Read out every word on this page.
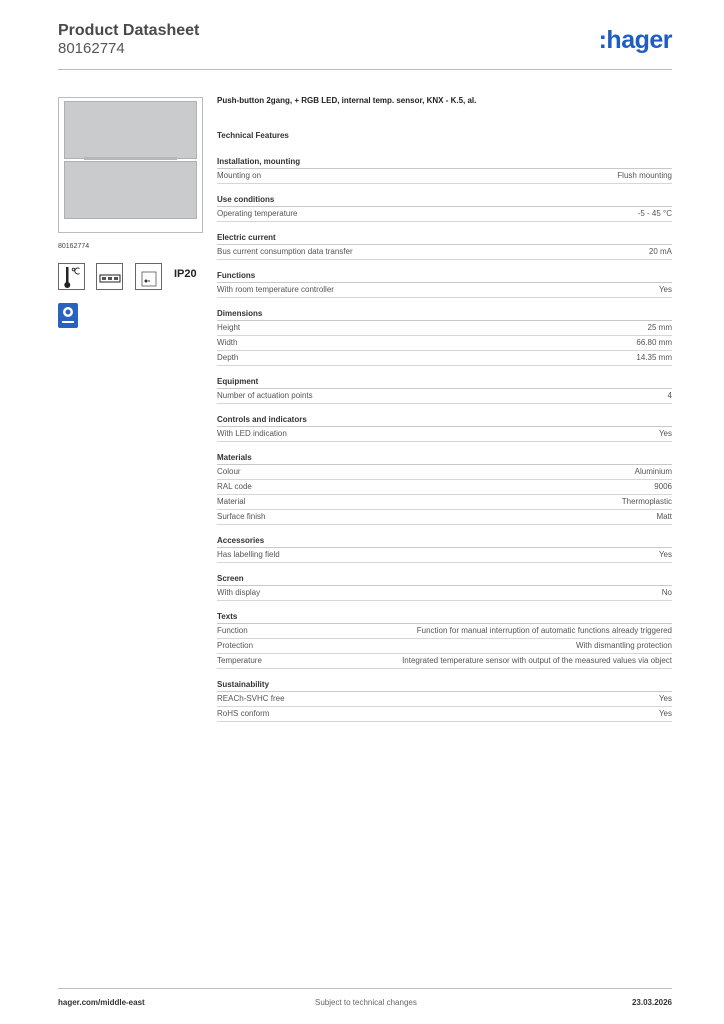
Product Datasheet
80162774	:hager
80162774
IP20
Push-button 2gang, + RGB LED, internal temp. sensor, KNX - K.5, al.
Technical Features
Installation, mounting
Mounting on	Flush mounting
Use conditions
Operating temperature	-5 - 45 °C
Electric current
Bus current consumption data transfer	20 mA
Functions
With room temperature controller	Yes
Dimensions
Height	25 mm
Width	66.80 mm
Depth	14.35 mm
Equipment
Number of actuation points	4
Controls and indicators
With LED indication	Yes
Materials
Colour	Aluminium
RAL code	9006
Material	Thermoplastic
Surface finish	Matt
Accessories
Has labelling field	Yes
Screen
With display	No
Texts
Function	Function for manual interruption of automatic functions already triggered
Protection	With dismantling protection
Temperature	Integrated temperature sensor with output of the measured values via object
Sustainability
REACh-SVHC free	Yes
RoHS conform	Yes
hager.com/middle-east	Subject to technical changes	23.03.2026
